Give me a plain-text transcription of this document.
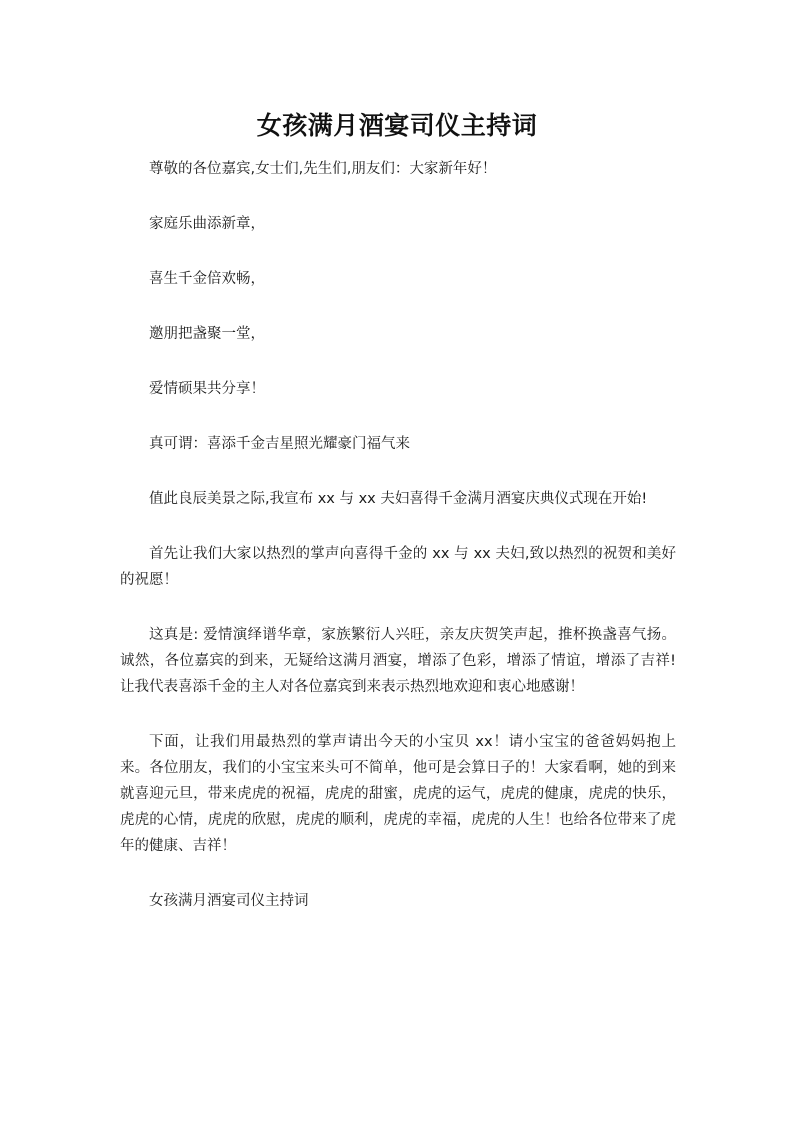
女孩满月酒宴司仪主持词

尊敬的各位嘉宾,女士们,先生们,朋友们：大家新年好！

家庭乐曲添新章，

喜生千金倍欢畅，

邀朋把盏聚一堂，

爱情硕果共分享！

真可谓：喜添千金吉星照光耀豪门福气来

值此良辰美景之际,我宣布 xx 与 xx 夫妇喜得千金满月酒宴庆典仪式现在开始!

首先让我们大家以热烈的掌声向喜得千金的 xx 与 xx 夫妇,致以热烈的祝贺和美好的祝愿！

这真是: 爱情演绎谱华章，家族繁衍人兴旺，亲友庆贺笑声起，推杯换盏喜气扬。诚然，各位嘉宾的到来，无疑给这满月酒宴，增添了色彩，增添了情谊，增添了吉祥!让我代表喜添千金的主人对各位嘉宾到来表示热烈地欢迎和衷心地感谢！

下面，让我们用最热烈的掌声请出今天的小宝贝 xx！请小宝宝的爸爸妈妈抱上来。各位朋友，我们的小宝宝来头可不简单，他可是会算日子的！大家看啊，她的到来就喜迎元旦，带来虎虎的祝福，虎虎的甜蜜，虎虎的运气，虎虎的健康，虎虎的快乐，虎虎的心情，虎虎的欣慰，虎虎的顺利，虎虎的幸福，虎虎的人生！也给各位带来了虎年的健康、吉祥！

女孩满月酒宴司仪主持词
